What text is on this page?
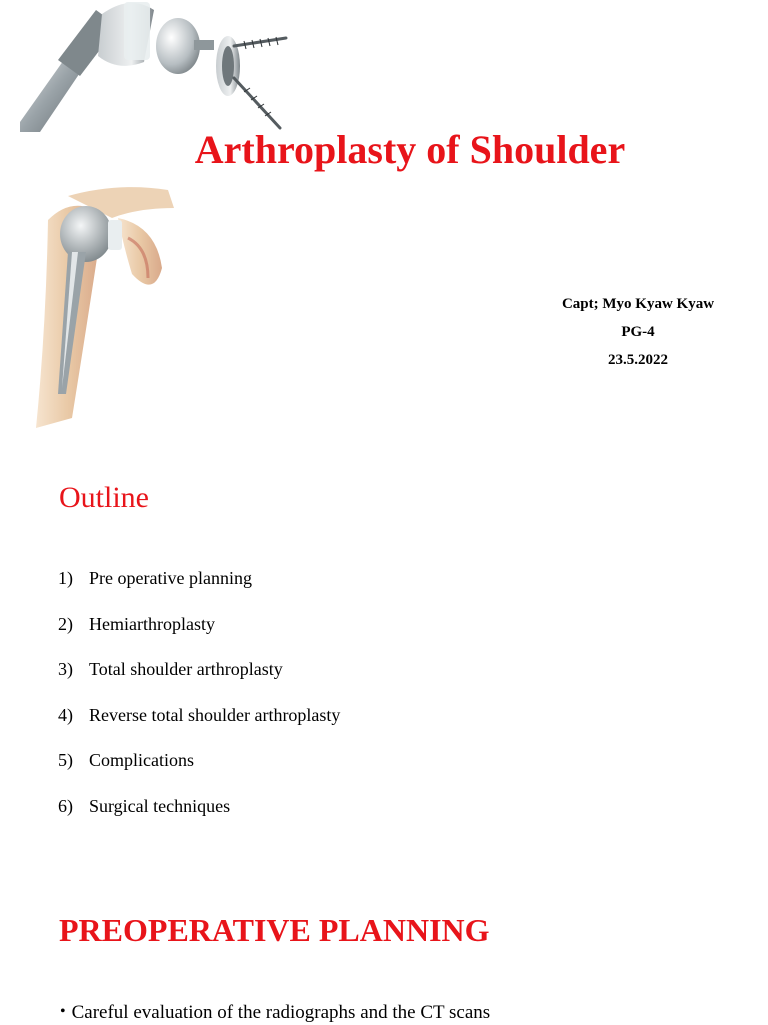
Arthroplasty of Shoulder
Capt; Myo Kyaw Kyaw
PG-4
23.5.2022
Outline
1) Pre operative planning
2) Hemiarthroplasty
3) Total shoulder arthroplasty
4) Reverse total shoulder arthroplasty
5) Complications
6) Surgical techniques
PREOPERATIVE PLANNING
• Careful evaluation of the radiographs and the CT scans
